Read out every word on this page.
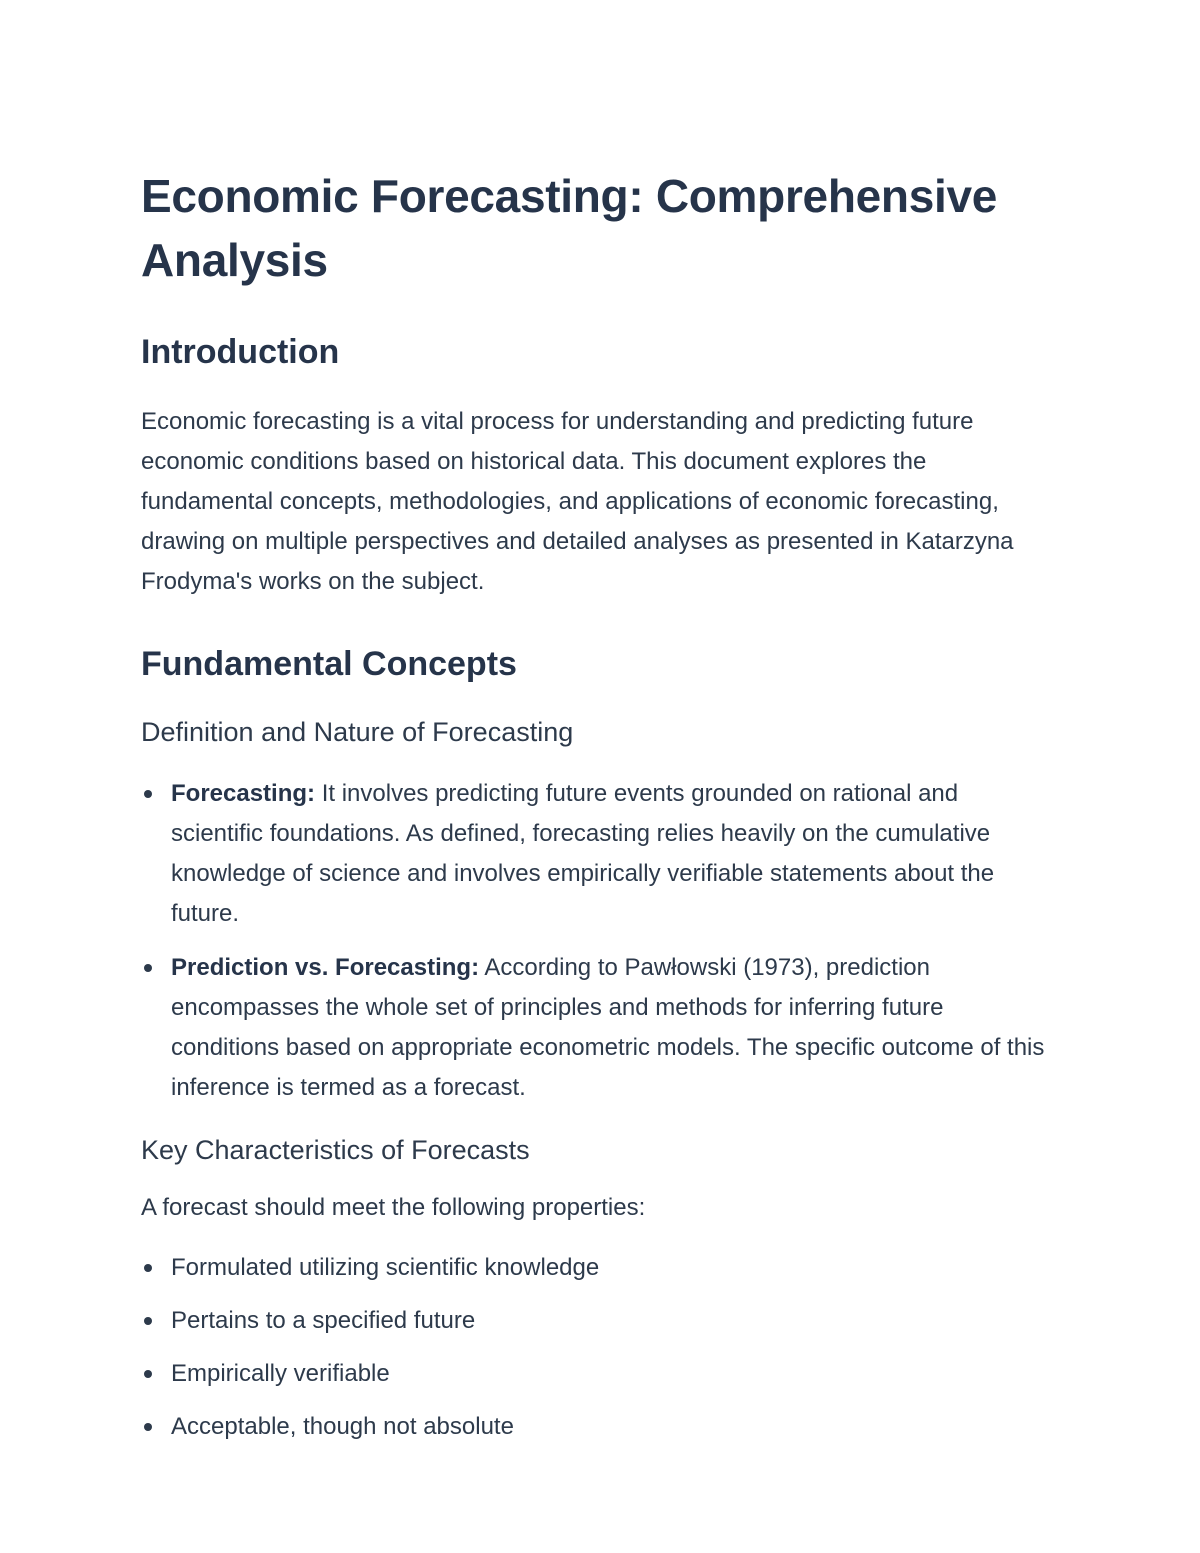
Economic Forecasting: Comprehensive Analysis
Introduction

Economic forecasting is a vital process for understanding and predicting future economic conditions based on historical data. This document explores the fundamental concepts, methodologies, and applications of economic forecasting, drawing on multiple perspectives and detailed analyses as presented in Katarzyna Frodyma's works on the subject.

Fundamental Concepts
Definition and Nature of Forecasting
Forecasting: It involves predicting future events grounded on rational and scientific foundations. As defined, forecasting relies heavily on the cumulative knowledge of science and involves empirically verifiable statements about the future.
Prediction vs. Forecasting: According to Pawłowski (1973), prediction encompasses the whole set of principles and methods for inferring future conditions based on appropriate econometric models. The specific outcome of this inference is termed as a forecast.
Key Characteristics of Forecasts

A forecast should meet the following properties:

Formulated utilizing scientific knowledge
Pertains to a specified future
Empirically verifiable
Acceptable, though not absolute
